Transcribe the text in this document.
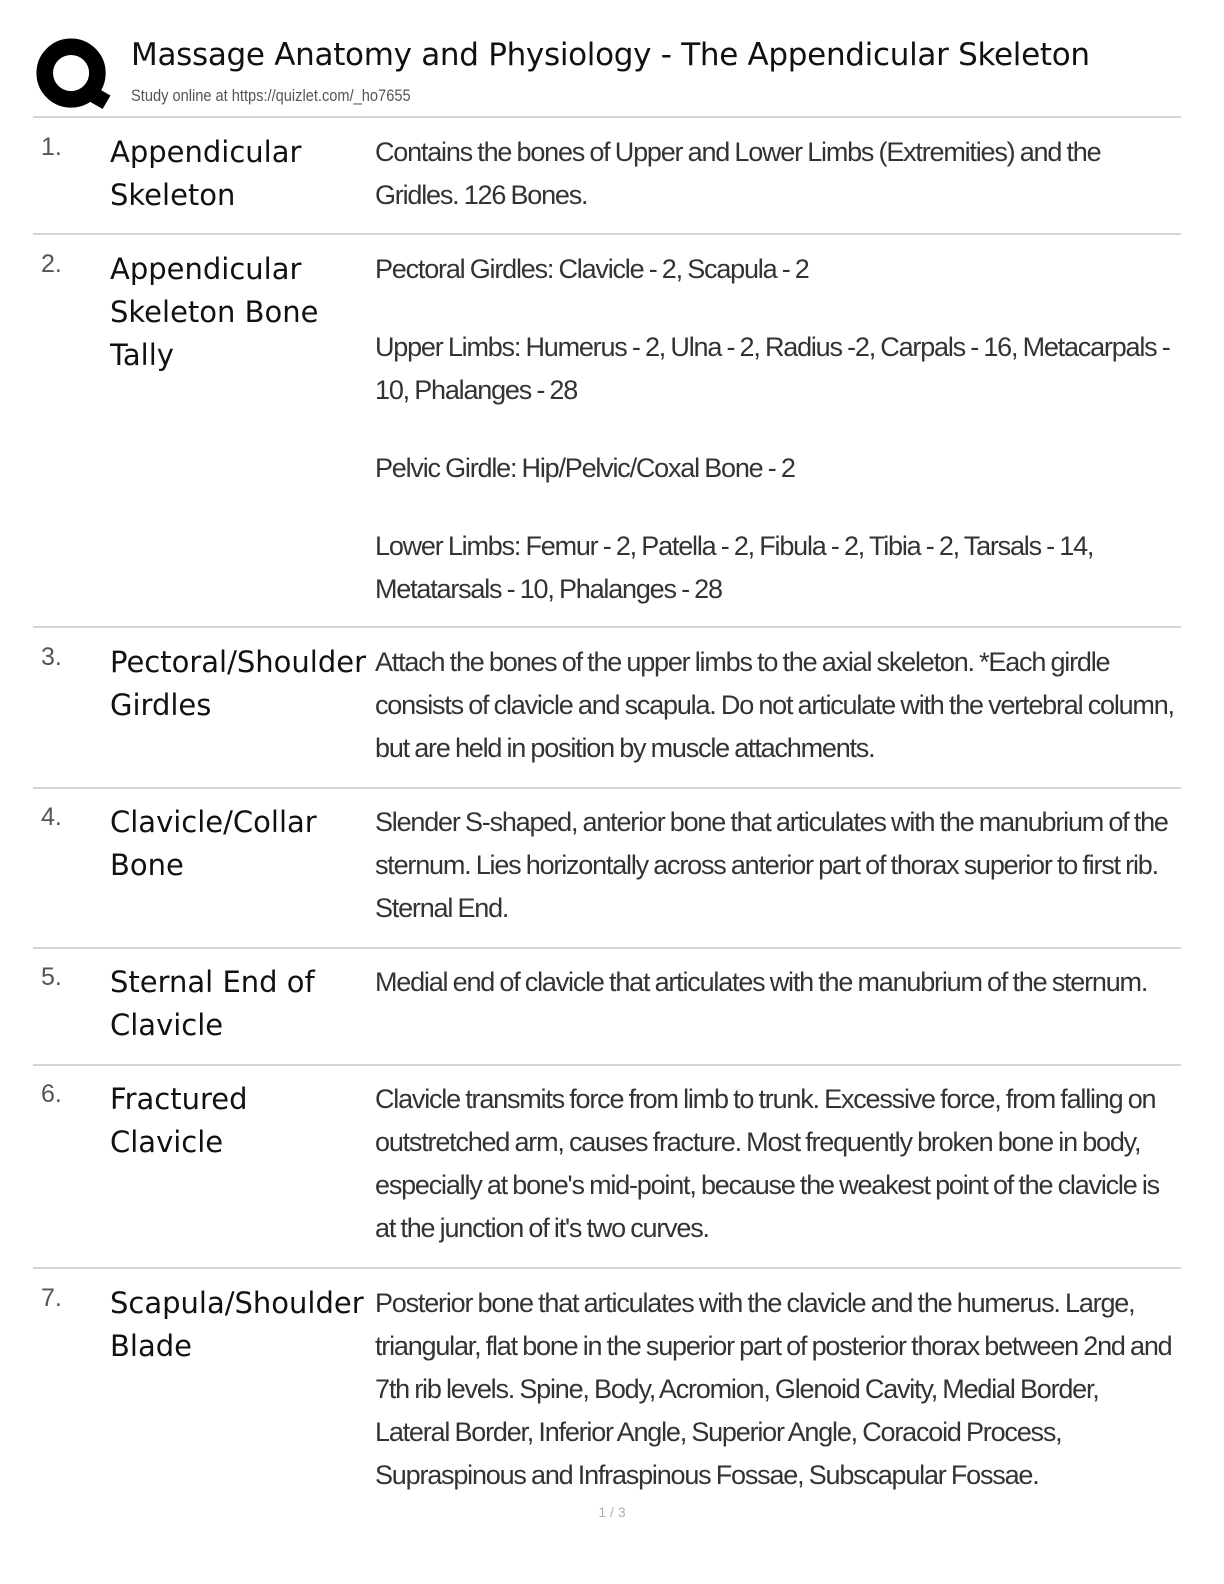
Massage Anatomy and Physiology - The Appendicular Skeleton
Study online at https://quizlet.com/_ho7655
1. Appendicular Skeleton

Contains the bones of Upper and Lower Limbs (Extremities) and the Gridles. 126 Bones.

2. Appendicular Skeleton Bone Tally

Pectoral Girdles: Clavicle - 2, Scapula - 2

Upper Limbs: Humerus - 2, Ulna - 2, Radius -2, Carpals - 16, Metacarpals - 10, Phalanges - 28

Pelvic Girdle: Hip/Pelvic/Coxal Bone - 2

Lower Limbs: Femur - 2, Patella - 2, Fibula - 2, Tibia - 2, Tarsals - 14, Metatarsals - 10, Phalanges - 28

3. Pectoral/Shoulder Girdles

Attach the bones of the upper limbs to the axial skeleton. *Each girdle consists of clavicle and scapula. Do not articulate with the vertebral column, but are held in position by muscle attachments.

4. Clavicle/Collar Bone

Slender S-shaped, anterior bone that articulates with the manubrium of the sternum. Lies horizontally across anterior part of thorax superior to first rib. Sternal End.

5. Sternal End of Clavicle

Medial end of clavicle that articulates with the manubrium of the sternum.

6. Fractured Clavicle

Clavicle transmits force from limb to trunk. Excessive force, from falling on outstretched arm, causes fracture. Most frequently broken bone in body, especially at bone's mid-point, because the weakest point of the clavicle is at the junction of it's two curves.

7. Scapula/Shoulder Blade

Posterior bone that articulates with the clavicle and the humerus. Large, triangular, flat bone in the superior part of posterior thorax between 2nd and 7th rib levels. Spine, Body, Acromion, Glenoid Cavity, Medial Border, Lateral Border, Inferior Angle, Superior Angle, Coracoid Process, Supraspinous and Infraspinous Fossae, Subscapular Fossae.

1 / 3
